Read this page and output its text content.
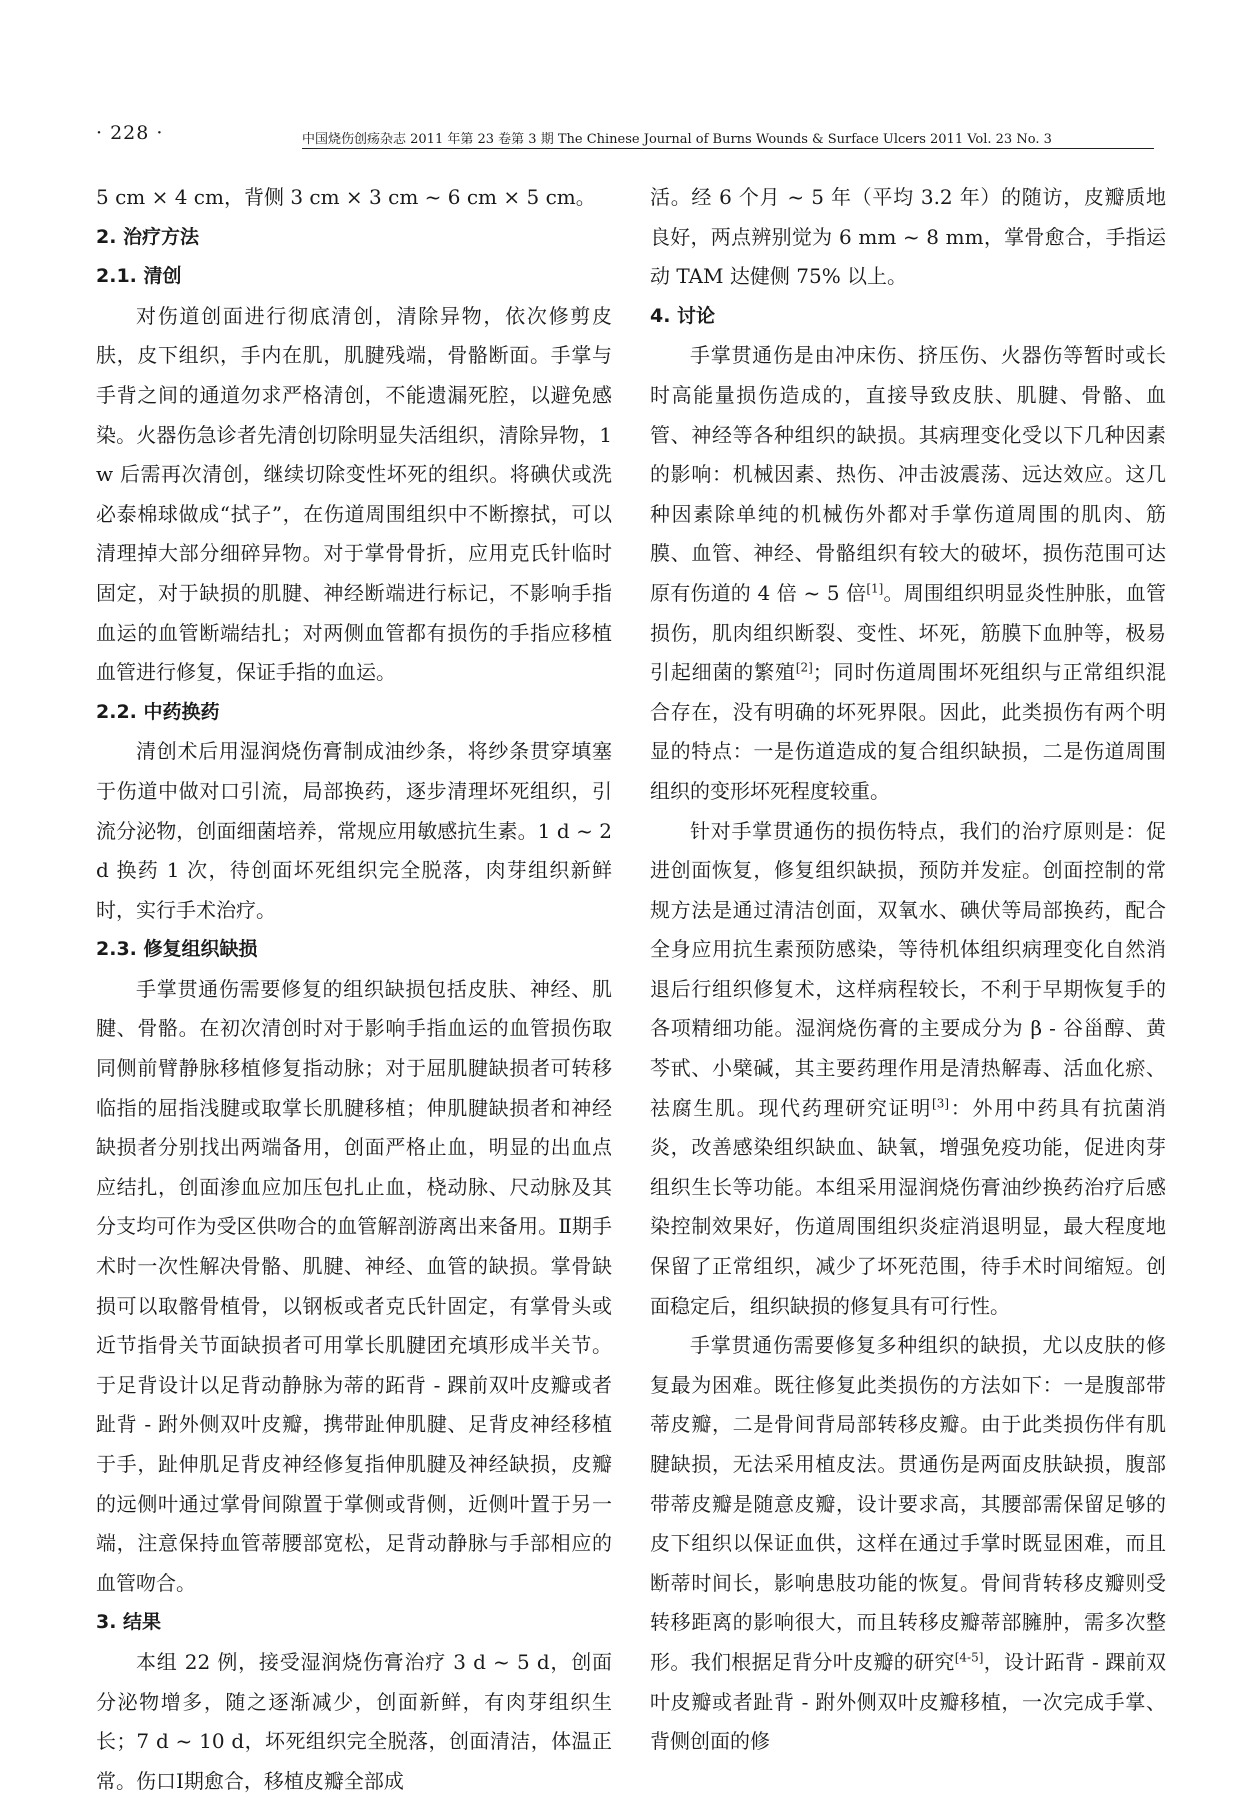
· 228 ·	中国烧伤创疡杂志 2011 年第 23 卷第 3 期 The Chinese Journal of Burns Wounds & Surface Ulcers 2011 Vol. 23 No. 3

5 cm × 4 cm，背侧 3 cm × 3 cm ~ 6 cm × 5 cm。

2. 治疗方法

2.1. 清创

对伤道创面进行彻底清创，清除异物，依次修剪皮肤，皮下组织，手内在肌，肌腱残端，骨骼断面。手掌与手背之间的通道勿求严格清创，不能遗漏死腔，以避免感染。火器伤急诊者先清创切除明显失活组织，清除异物，1 w 后需再次清创，继续切除变性坏死的组织。将碘伏或洗必泰棉球做成“拭子”，在伤道周围组织中不断擦拭，可以清理掉大部分细碎异物。对于掌骨骨折，应用克氏针临时固定，对于缺损的肌腱、神经断端进行标记，不影响手指血运的血管断端结扎；对两侧血管都有损伤的手指应移植血管进行修复，保证手指的血运。

2.2. 中药换药

清创术后用湿润烧伤膏制成油纱条，将纱条贯穿填塞于伤道中做对口引流，局部换药，逐步清理坏死组织，引流分泌物，创面细菌培养，常规应用敏感抗生素。1 d ~ 2 d 换药 1 次，待创面坏死组织完全脱落，肉芽组织新鲜时，实行手术治疗。

2.3. 修复组织缺损

手掌贯通伤需要修复的组织缺损包括皮肤、神经、肌腱、骨骼。在初次清创时对于影响手指血运的血管损伤取同侧前臂静脉移植修复指动脉；对于屈肌腱缺损者可转移临指的屈指浅腱或取掌长肌腱移植；伸肌腱缺损者和神经缺损者分别找出两端备用，创面严格止血，明显的出血点应结扎，创面渗血应加压包扎止血，桡动脉、尺动脉及其分支均可作为受区供吻合的血管解剖游离出来备用。Ⅱ期手术时一次性解决骨骼、肌腱、神经、血管的缺损。掌骨缺损可以取髂骨植骨，以钢板或者克氏针固定，有掌骨头或近节指骨关节面缺损者可用掌长肌腱团充填形成半关节。于足背设计以足背动静脉为蒂的跖背 - 踝前双叶皮瓣或者趾背 - 跗外侧双叶皮瓣，携带趾伸肌腱、足背皮神经移植于手，趾伸肌足背皮神经修复指伸肌腱及神经缺损，皮瓣的远侧叶通过掌骨间隙置于掌侧或背侧，近侧叶置于另一端，注意保持血管蒂腰部宽松，足背动静脉与手部相应的血管吻合。

3. 结果

本组 22 例，接受湿润烧伤膏治疗 3 d ~ 5 d，创面分泌物增多，随之逐渐减少，创面新鲜，有肉芽组织生长；7 d ~ 10 d，坏死组织完全脱落，创面清洁，体温正常。伤口Ⅰ期愈合，移植皮瓣全部成

活。经 6 个月 ~ 5 年（平均 3.2 年）的随访，皮瓣质地良好，两点辨别觉为 6 mm ~ 8 mm，掌骨愈合，手指运动 TAM 达健侧 75% 以上。

4. 讨论

手掌贯通伤是由冲床伤、挤压伤、火器伤等暂时或长时高能量损伤造成的，直接导致皮肤、肌腱、骨骼、血管、神经等各种组织的缺损。其病理变化受以下几种因素的影响：机械因素、热伤、冲击波震荡、远达效应。这几种因素除单纯的机械伤外都对手掌伤道周围的肌肉、筋膜、血管、神经、骨骼组织有较大的破坏，损伤范围可达原有伤道的 4 倍 ~ 5 倍[1]。周围组织明显炎性肿胀，血管损伤，肌肉组织断裂、变性、坏死，筋膜下血肿等，极易引起细菌的繁殖[2]；同时伤道周围坏死组织与正常组织混合存在，没有明确的坏死界限。因此，此类损伤有两个明显的特点：一是伤道造成的复合组织缺损，二是伤道周围组织的变形坏死程度较重。

针对手掌贯通伤的损伤特点，我们的治疗原则是：促进创面恢复，修复组织缺损，预防并发症。创面控制的常规方法是通过清洁创面，双氧水、碘伏等局部换药，配合全身应用抗生素预防感染，等待机体组织病理变化自然消退后行组织修复术，这样病程较长，不利于早期恢复手的各项精细功能。湿润烧伤膏的主要成分为 β - 谷甾醇、黄芩甙、小檗碱，其主要药理作用是清热解毒、活血化瘀、祛腐生肌。现代药理研究证明[3]：外用中药具有抗菌消炎，改善感染组织缺血、缺氧，增强免疫功能，促进肉芽组织生长等功能。本组采用湿润烧伤膏油纱换药治疗后感染控制效果好，伤道周围组织炎症消退明显，最大程度地保留了正常组织，减少了坏死范围，待手术时间缩短。创面稳定后，组织缺损的修复具有可行性。

手掌贯通伤需要修复多种组织的缺损，尤以皮肤的修复最为困难。既往修复此类损伤的方法如下：一是腹部带蒂皮瓣，二是骨间背局部转移皮瓣。由于此类损伤伴有肌腱缺损，无法采用植皮法。贯通伤是两面皮肤缺损，腹部带蒂皮瓣是随意皮瓣，设计要求高，其腰部需保留足够的皮下组织以保证血供，这样在通过手掌时既显困难，而且断蒂时间长，影响患肢功能的恢复。骨间背转移皮瓣则受转移距离的影响很大，而且转移皮瓣蒂部臃肿，需多次整形。我们根据足背分叶皮瓣的研究[4-5]，设计跖背 - 踝前双叶皮瓣或者趾背 - 跗外侧双叶皮瓣移植，一次完成手掌、背侧创面的修
